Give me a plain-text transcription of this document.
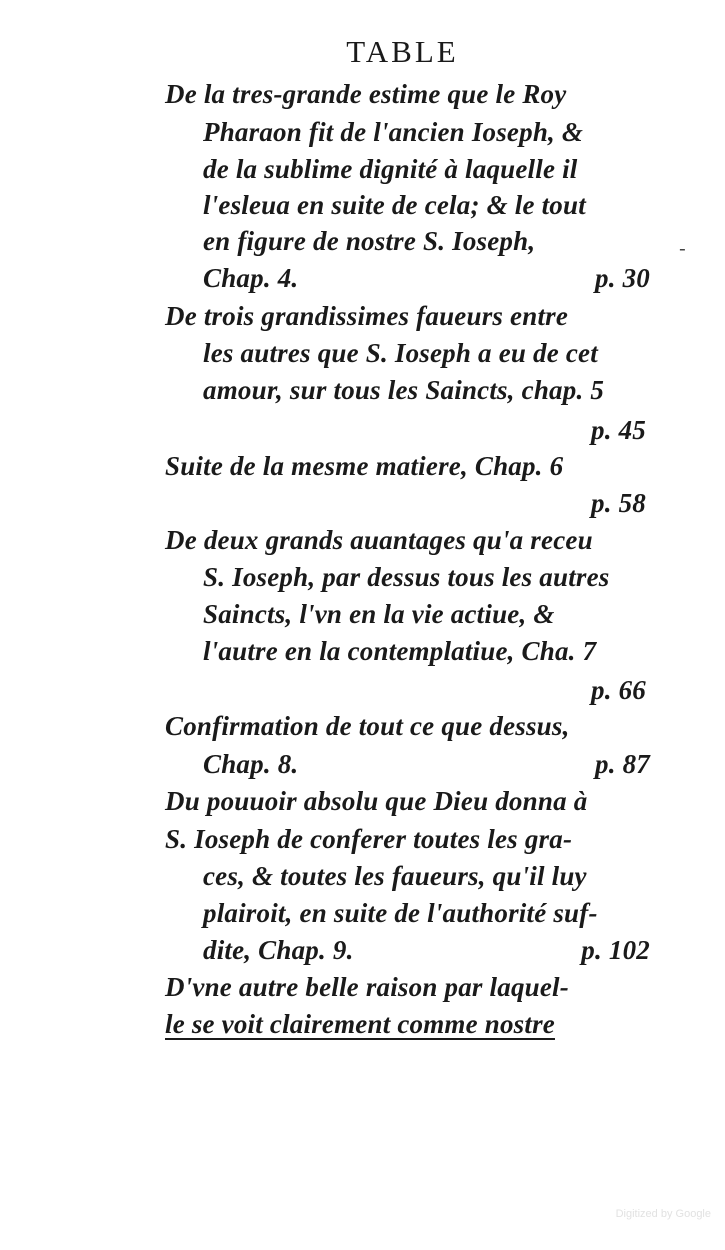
TABLE
De la tres-grande estime que le Roy
Pharaon fit de l'ancien Ioseph, &
de la sublime dignité à laquelle il
l'esleua en suite de cela; & le tout
en figure de nostre S. Ioseph,
Chap. 4.	p. 30
De trois grandissimes faueurs entre
les autres que S. Ioseph a eu de cet
amour, sur tous les Saincts, chap. 5
p. 45
Suite de la mesme matiere, Chap. 6
p. 58
De deux grands auantages qu'a receu
S. Ioseph, par dessus tous les autres
Saincts, l'vn en la vie actiue, &
l'autre en la contemplatiue, Cha. 7
p. 66
Confirmation de tout ce que dessus,
Chap. 8.	p. 87
Du pouuoir absolu que Dieu donna à
S. Ioseph de conferer toutes les gra-
ces, & toutes les faueurs, qu'il luy
plairoit, en suite de l'authorité suf-
dite, Chap. 9.	p. 102
D'vne autre belle raison par laquel-
le se voit clairement comme nostre
-
Digitized by Google
